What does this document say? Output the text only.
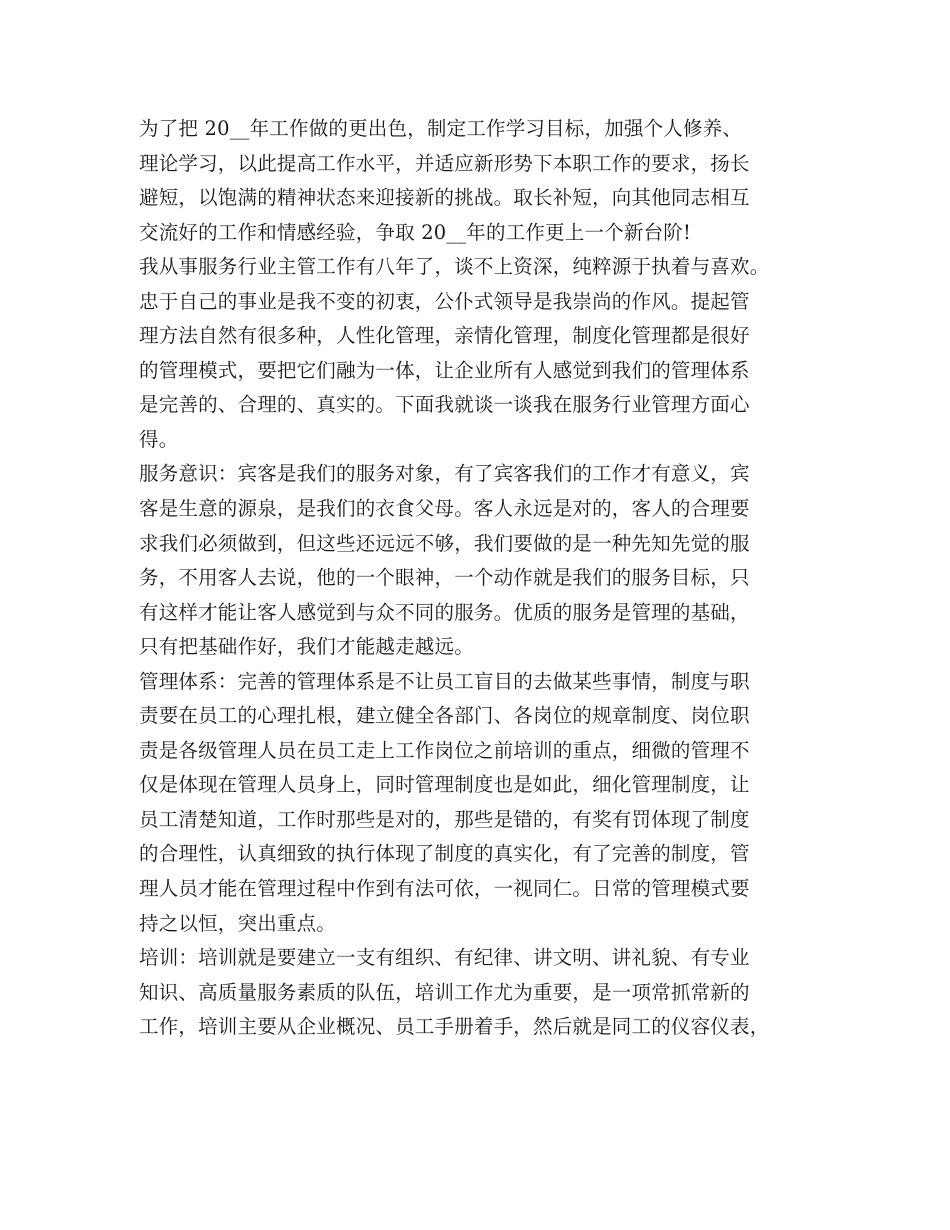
为了把 20__年工作做的更出色，制定工作学习目标，加强个人修养、
理论学习，以此提高工作水平，并适应新形势下本职工作的要求，扬长
避短，以饱满的精神状态来迎接新的挑战。取长补短，向其他同志相互
交流好的工作和情感经验，争取 20__年的工作更上一个新台阶!
我从事服务行业主管工作有八年了，谈不上资深，纯粹源于执着与喜欢。
忠于自己的事业是我不变的初衷，公仆式领导是我崇尚的作风。提起管
理方法自然有很多种，人性化管理，亲情化管理，制度化管理都是很好
的管理模式，要把它们融为一体，让企业所有人感觉到我们的管理体系
是完善的、合理的、真实的。下面我就谈一谈我在服务行业管理方面心
得。
服务意识：宾客是我们的服务对象，有了宾客我们的工作才有意义，宾
客是生意的源泉，是我们的衣食父母。客人永远是对的，客人的合理要
求我们必须做到，但这些还远远不够，我们要做的是一种先知先觉的服
务，不用客人去说，他的一个眼神，一个动作就是我们的服务目标，只
有这样才能让客人感觉到与众不同的服务。优质的服务是管理的基础，
只有把基础作好，我们才能越走越远。
管理体系：完善的管理体系是不让员工盲目的去做某些事情，制度与职
责要在员工的心理扎根，建立健全各部门、各岗位的规章制度、岗位职
责是各级管理人员在员工走上工作岗位之前培训的重点，细微的管理不
仅是体现在管理人员身上，同时管理制度也是如此，细化管理制度，让
员工清楚知道，工作时那些是对的，那些是错的，有奖有罚体现了制度
的合理性，认真细致的执行体现了制度的真实化，有了完善的制度，管
理人员才能在管理过程中作到有法可依，一视同仁。日常的管理模式要
持之以恒，突出重点。
培训：培训就是要建立一支有组织、有纪律、讲文明、讲礼貌、有专业
知识、高质量服务素质的队伍，培训工作尤为重要，是一项常抓常新的
工作，培训主要从企业概况、员工手册着手，然后就是同工的仪容仪表，
